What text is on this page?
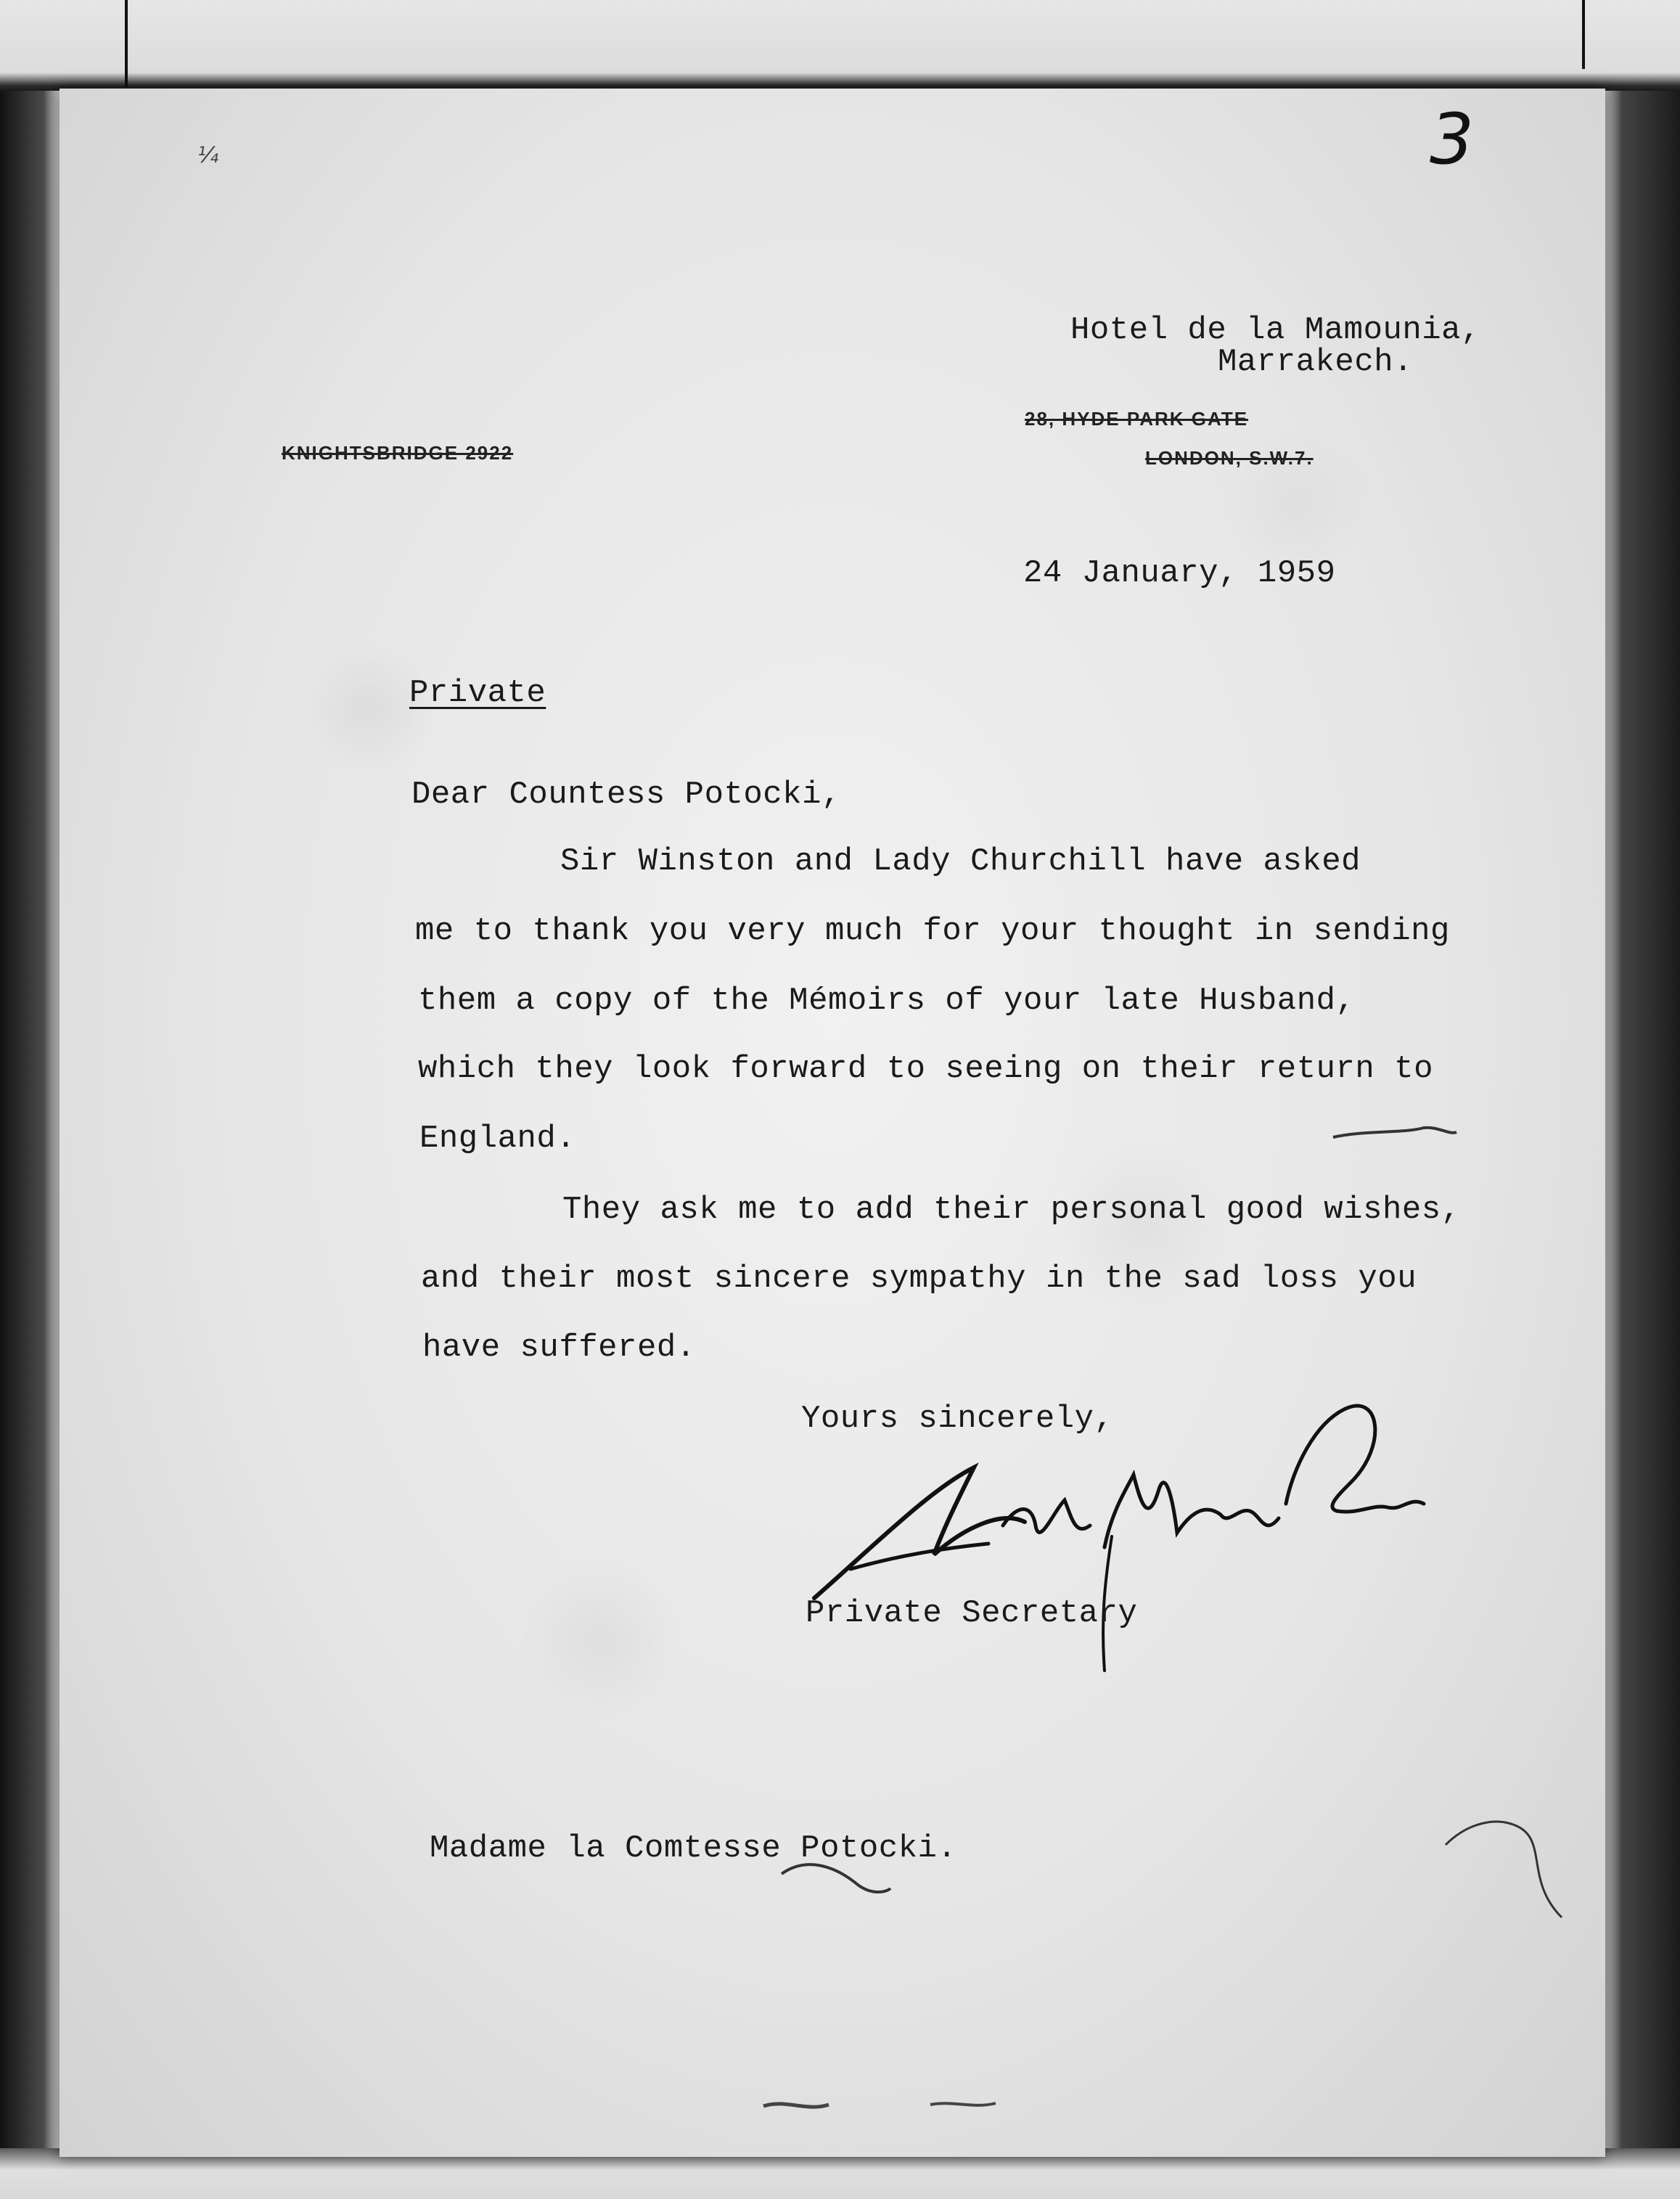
3
¼
Hotel de la Mamounia,
Marrakech.
KNIGHTSBRIDGE 2922
28, HYDE PARK GATE
LONDON, S.W.7.
24 January, 1959
Private
Dear Countess Potocki,
Sir Winston and Lady Churchill have asked
me to thank you very much for your thought in sending
them a copy of the Mémoirs of your late Husband,
which they look forward to seeing on their return to
England.
They ask me to add their personal good wishes,
and their most sincere sympathy in the sad loss you
have suffered.
Yours sincerely,
Private Secretary
Madame la Comtesse Potocki.
